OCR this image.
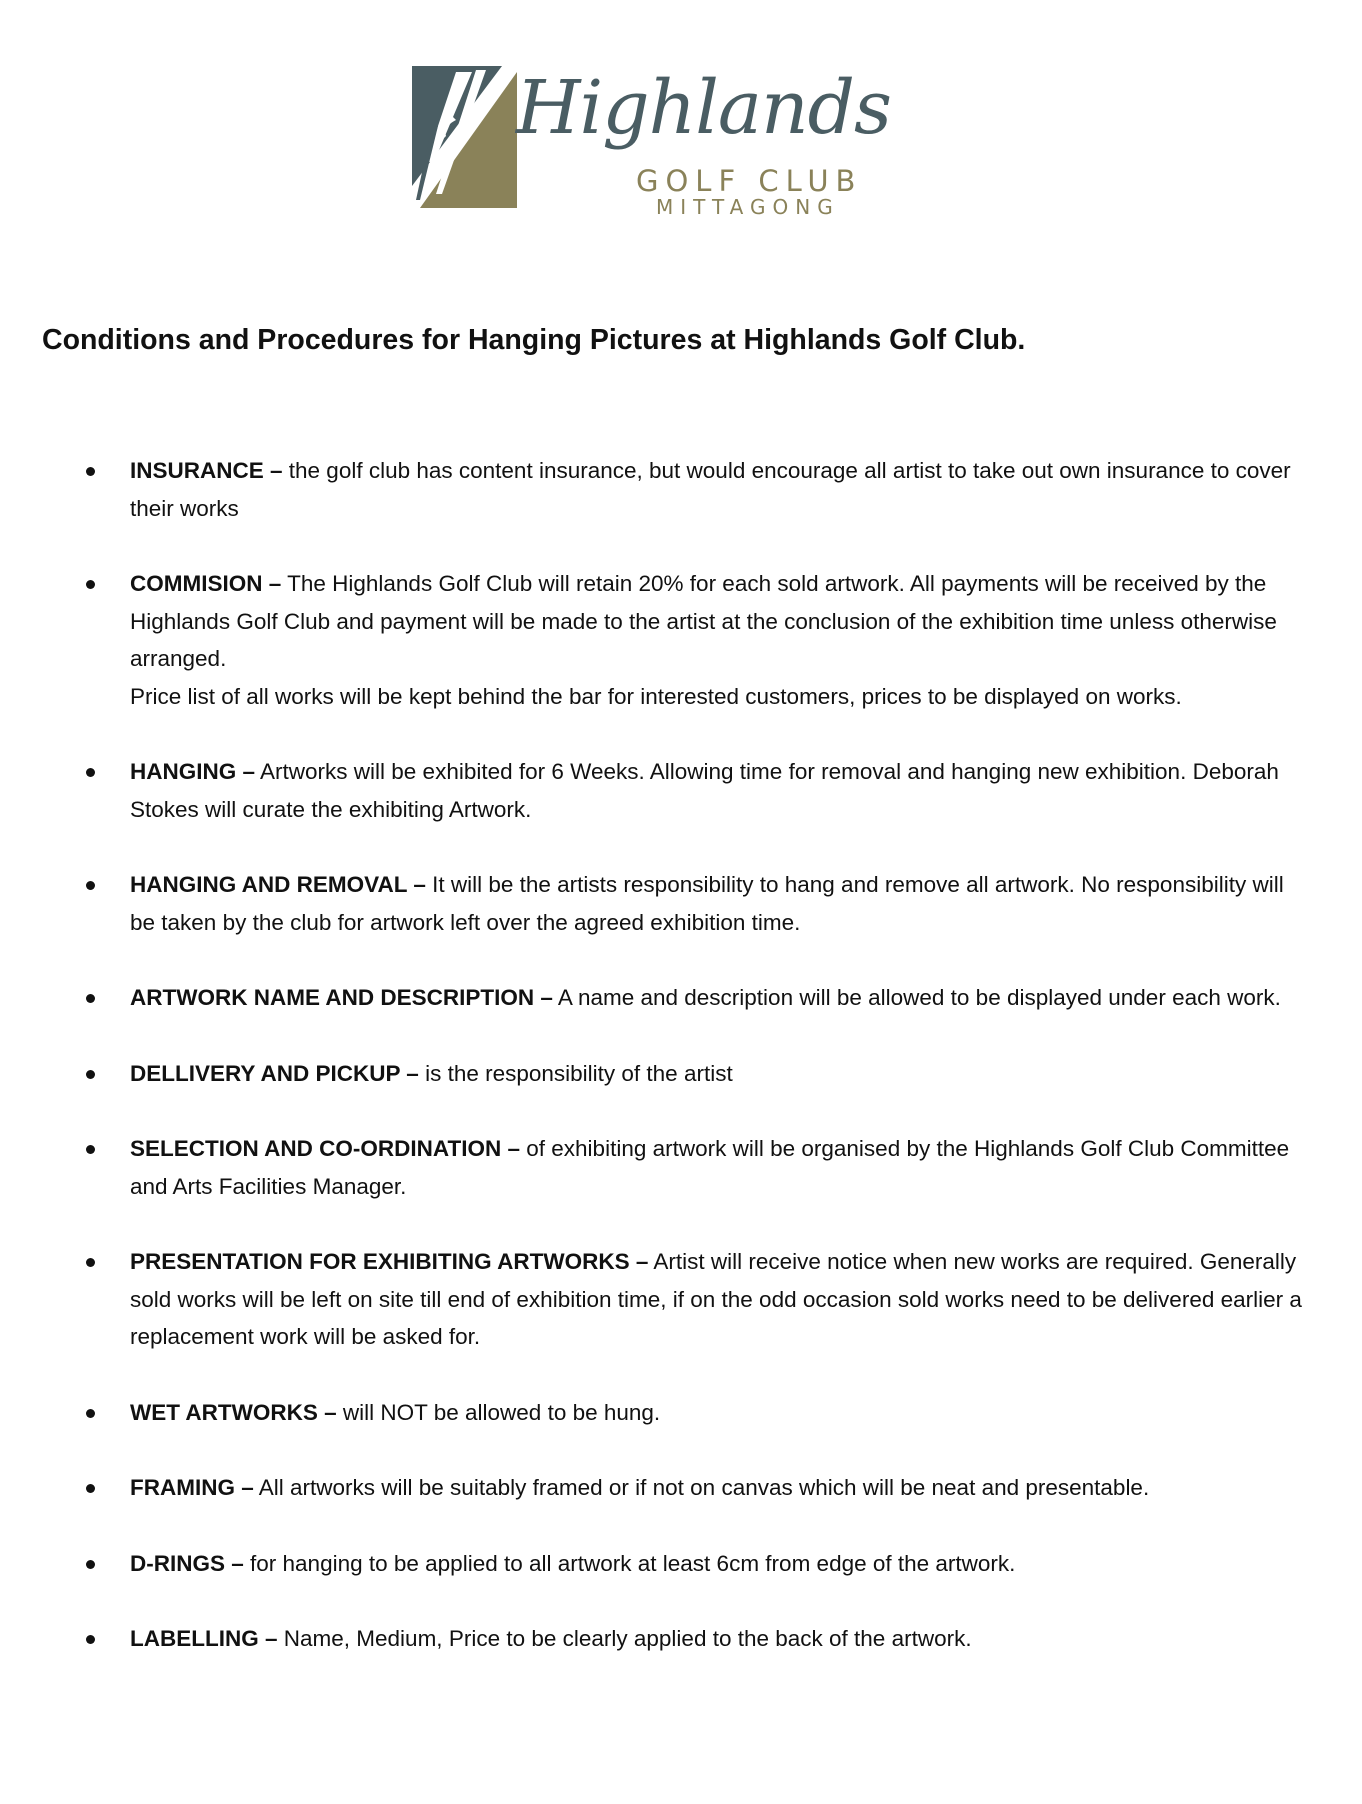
Highlands
GOLF CLUB
MITTAGONG
Conditions and Procedures for Hanging Pictures at Highlands Golf Club.
INSURANCE – the golf club has content insurance, but would encourage all artist to take out own insurance to cover their works
COMMISION – The Highlands Golf Club will retain 20% for each sold artwork. All payments will be received by the Highlands Golf Club and payment will be made to the artist at the conclusion of the exhibition time unless otherwise arranged.
Price list of all works will be kept behind the bar for interested customers, prices to be displayed on works.
HANGING – Artworks will be exhibited for 6 Weeks. Allowing time for removal and hanging new exhibition. Deborah Stokes will curate the exhibiting Artwork.
HANGING AND REMOVAL – It will be the artists responsibility to hang and remove all artwork. No responsibility will be taken by the club for artwork left over the agreed exhibition time.
ARTWORK NAME AND DESCRIPTION – A name and description will be allowed to be displayed under each work.
DELLIVERY AND PICKUP – is the responsibility of the artist
SELECTION AND CO-ORDINATION – of exhibiting artwork will be organised by the Highlands Golf Club Committee and Arts Facilities Manager.
PRESENTATION FOR EXHIBITING ARTWORKS – Artist will receive notice when new works are required. Generally sold works will be left on site till end of exhibition time, if on the odd occasion sold works need to be delivered earlier a replacement work will be asked for.
WET ARTWORKS – will NOT be allowed to be hung.
FRAMING – All artworks will be suitably framed or if not on canvas which will be neat and presentable.
D-RINGS – for hanging to be applied to all artwork at least 6cm from edge of the artwork.
LABELLING – Name, Medium, Price to be clearly applied to the back of the artwork.
